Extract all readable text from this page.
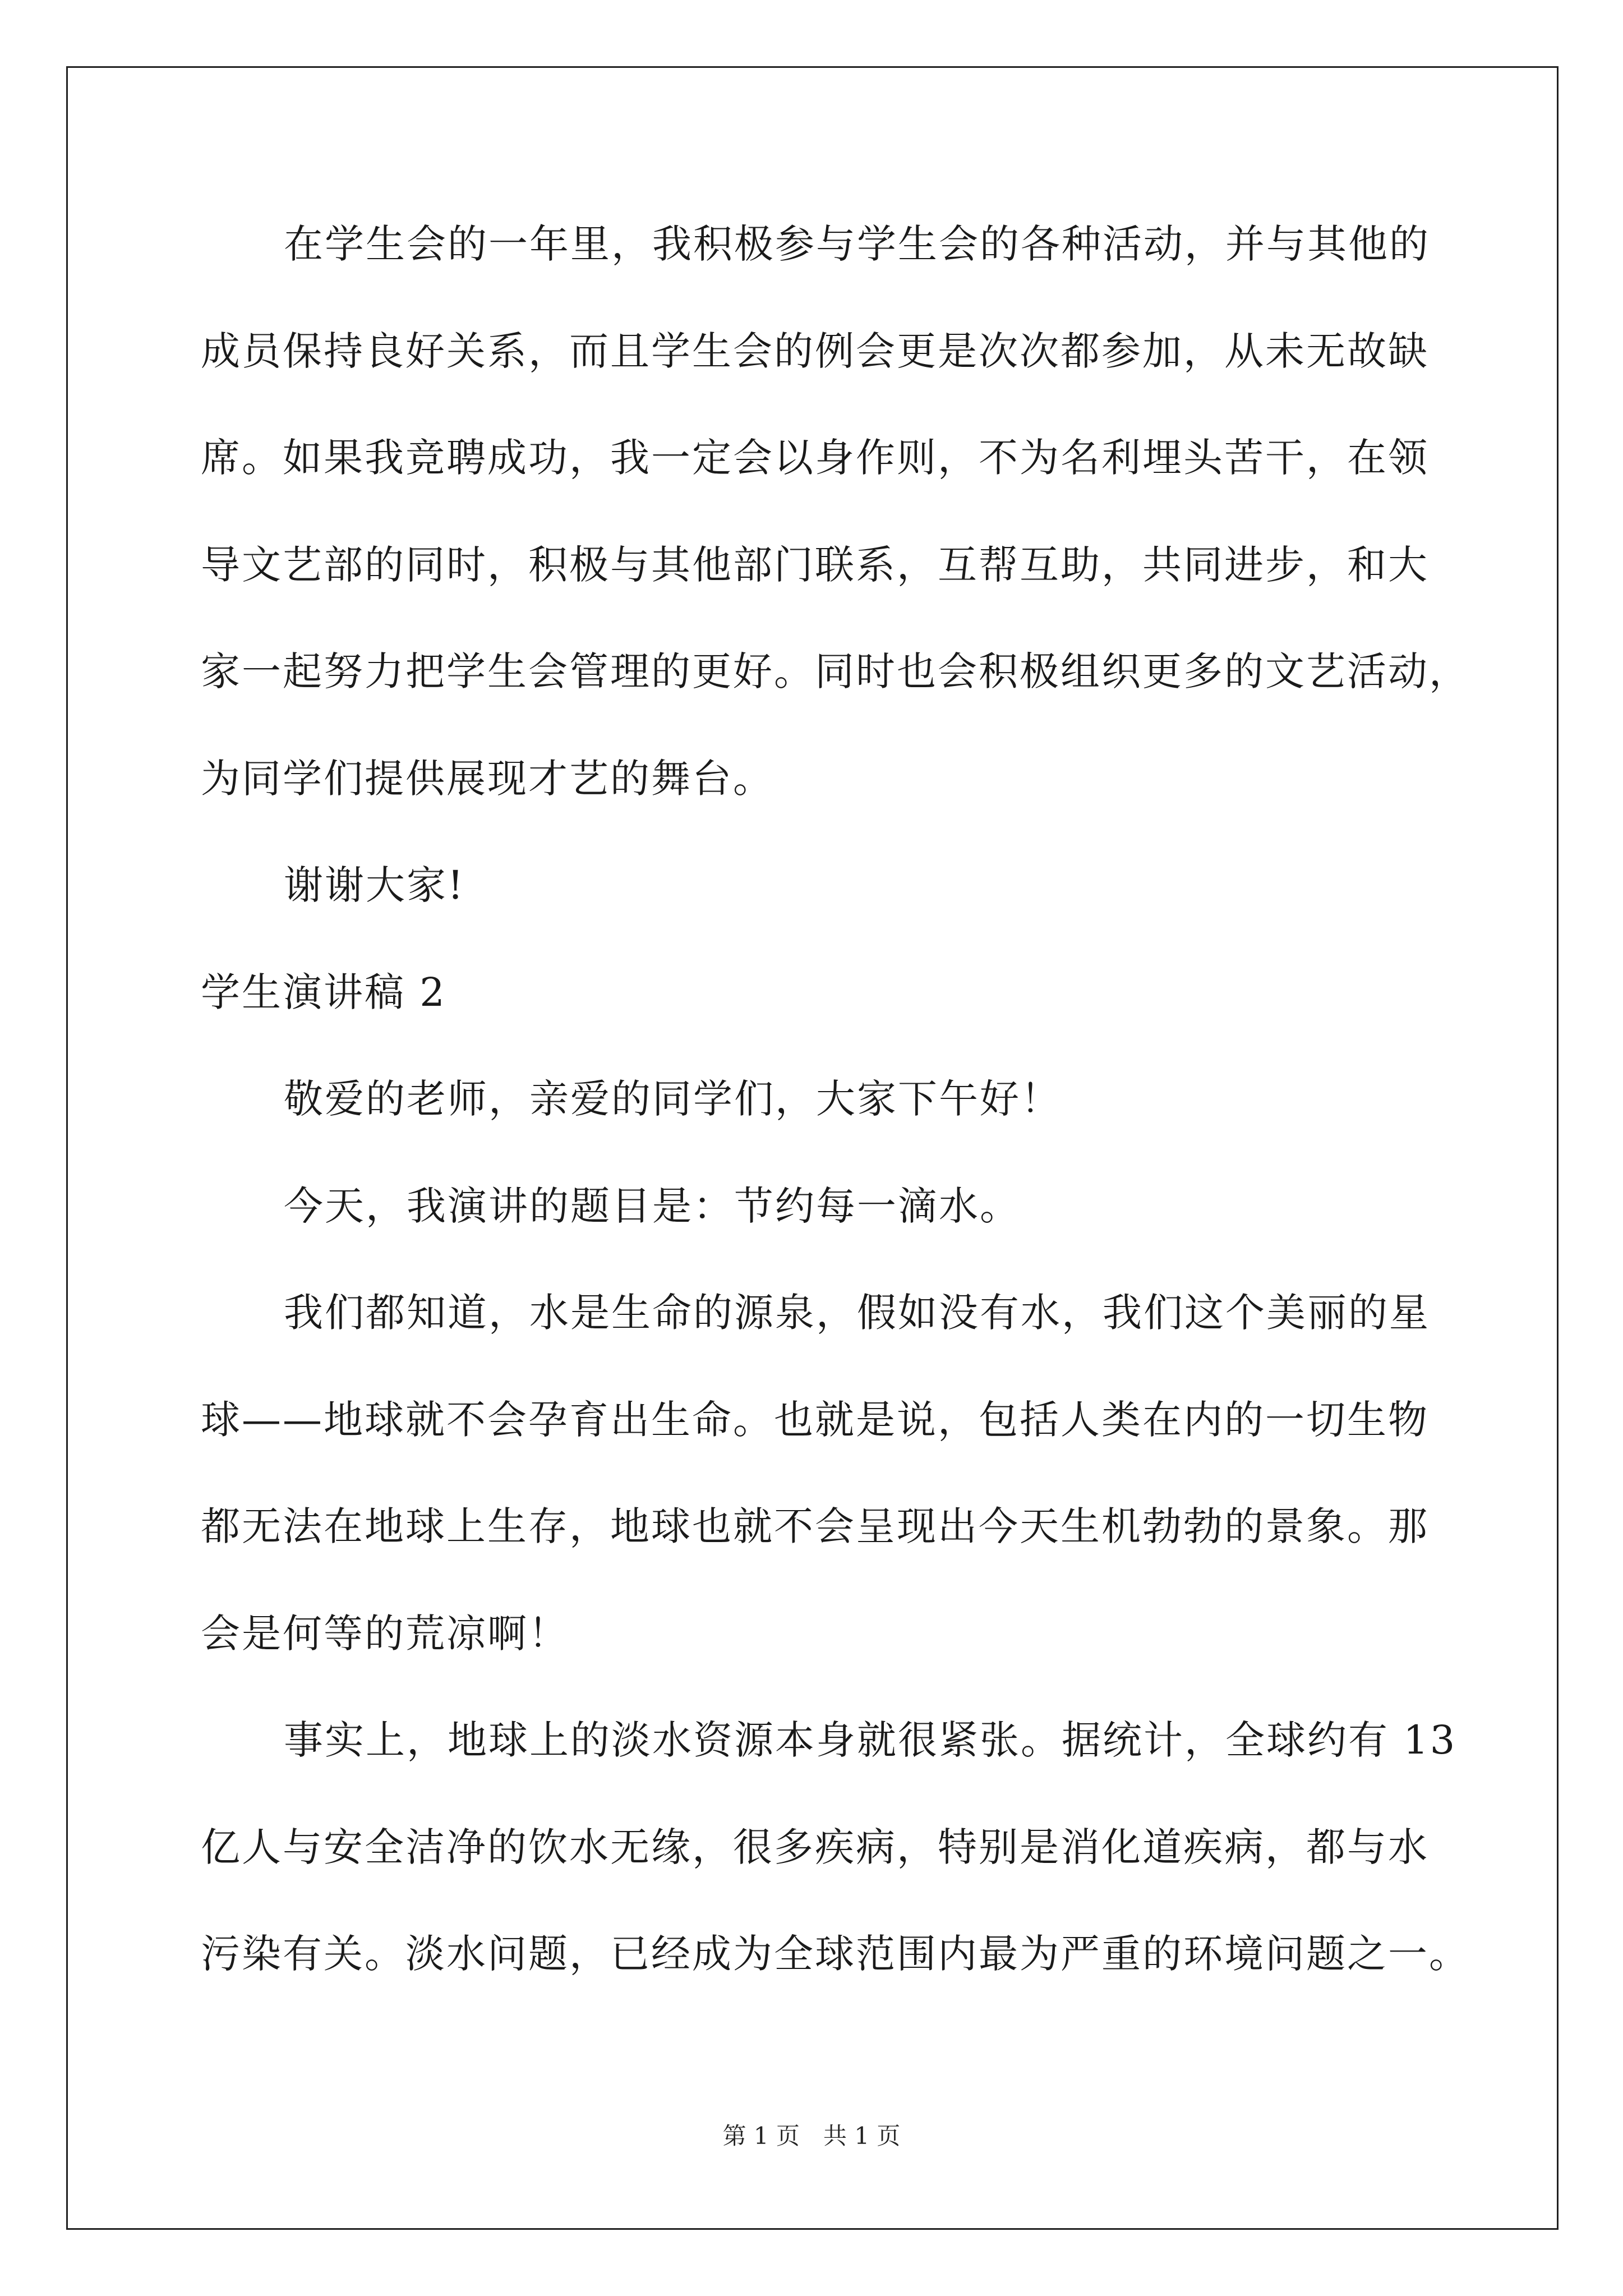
在学生会的一年里，我积极参与学生会的各种活动，并与其他的
成员保持良好关系，而且学生会的例会更是次次都参加，从未无故缺
席。如果我竞聘成功，我一定会以身作则，不为名利埋头苦干，在领
导文艺部的同时，积极与其他部门联系，互帮互助，共同进步，和大
家一起努力把学生会管理的更好。同时也会积极组织更多的文艺活动，
为同学们提供展现才艺的舞台。
谢谢大家!
学生演讲稿 2
敬爱的老师，亲爱的同学们，大家下午好！
今天，我演讲的题目是：节约每一滴水。
我们都知道，水是生命的源泉，假如没有水，我们这个美丽的星
球——地球就不会孕育出生命。也就是说，包括人类在内的一切生物
都无法在地球上生存，地球也就不会呈现出今天生机勃勃的景象。那
会是何等的荒凉啊！
事实上，地球上的淡水资源本身就很紧张。据统计，全球约有 13
亿人与安全洁净的饮水无缘，很多疾病，特别是消化道疾病，都与水
污染有关。淡水问题，已经成为全球范围内最为严重的环境问题之一。
第 1 页　共 1 页
